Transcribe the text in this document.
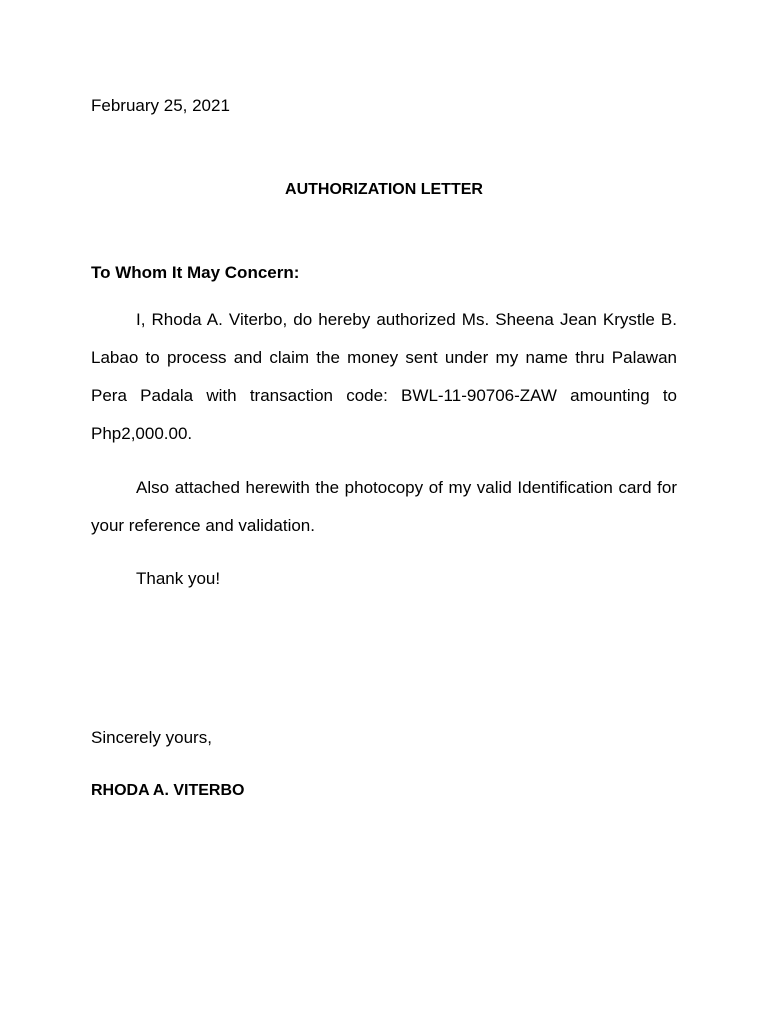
February 25, 2021
AUTHORIZATION LETTER
To Whom It May Concern:

I, Rhoda A. Viterbo, do hereby authorized Ms. Sheena Jean Krystle B. Labao to process and claim the money sent under my name thru Palawan Pera Padala with transaction code: BWL-11-90706-ZAW amounting to Php2,000.00.

Also attached herewith the photocopy of my valid Identification card for your reference and validation.

Thank you!

Sincerely yours,
RHODA A. VITERBO
